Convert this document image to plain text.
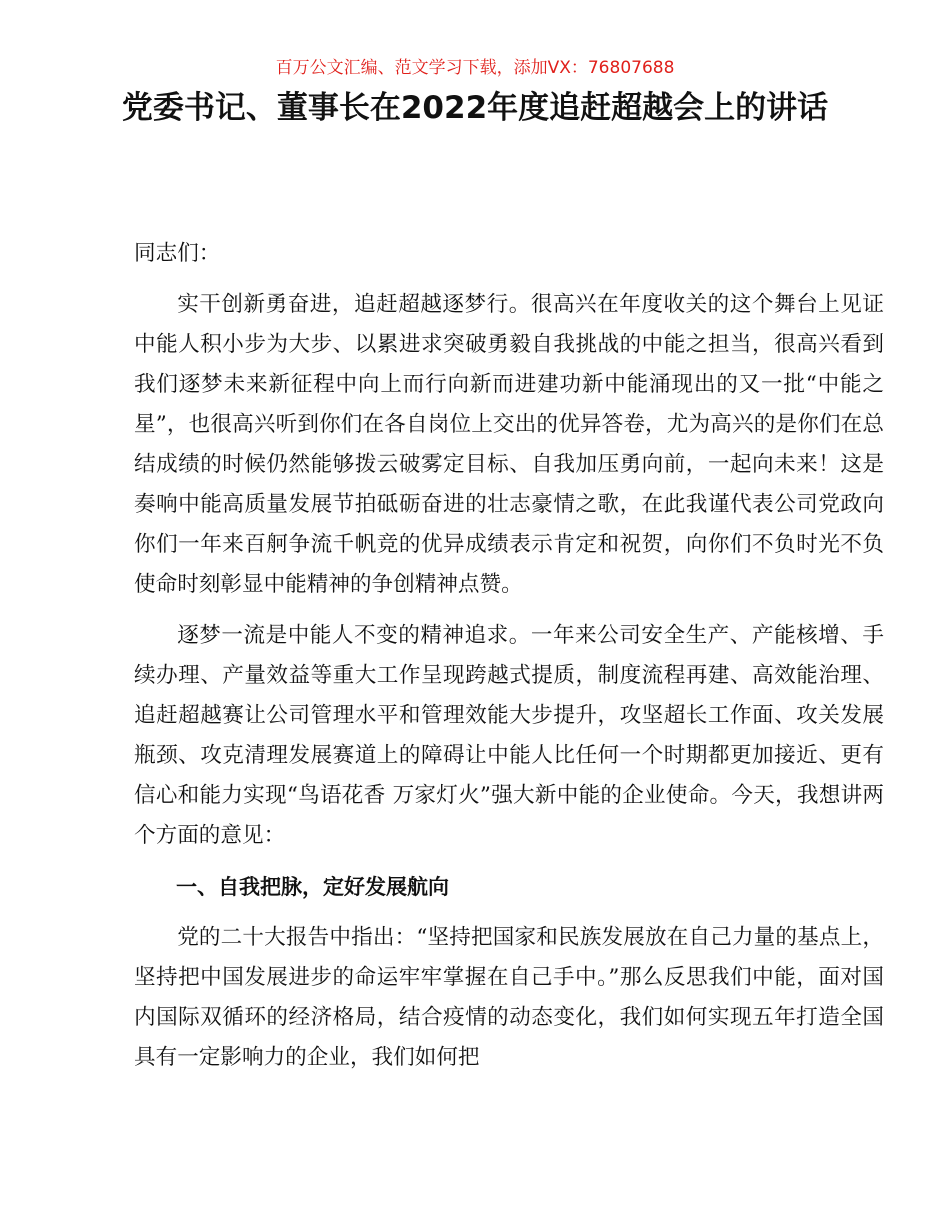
百万公文汇编、范文学习下载，添加VX：76807688
党委书记、董事长在2022年度追赶超越会上的讲话

同志们：

实干创新勇奋进，追赶超越逐梦行。很高兴在年度收关的这个舞台上见证中能人积小步为大步、以累进求突破勇毅自我挑战的中能之担当，很高兴看到我们逐梦未来新征程中向上而行向新而进建功新中能涌现出的又一批“中能之星”，也很高兴听到你们在各自岗位上交出的优异答卷，尤为高兴的是你们在总结成绩的时候仍然能够拨云破雾定目标、自我加压勇向前，一起向未来！这是奏响中能高质量发展节拍砥砺奋进的壮志豪情之歌，在此我谨代表公司党政向你们一年来百舸争流千帆竞的优异成绩表示肯定和祝贺，向你们不负时光不负使命时刻彰显中能精神的争创精神点赞。

逐梦一流是中能人不变的精神追求。一年来公司安全生产、产能核增、手续办理、产量效益等重大工作呈现跨越式提质，制度流程再建、高效能治理、追赶超越赛让公司管理水平和管理效能大步提升，攻坚超长工作面、攻关发展瓶颈、攻克清理发展赛道上的障碍让中能人比任何一个时期都更加接近、更有信心和能力实现“鸟语花香 万家灯火”强大新中能的企业使命。今天，我想讲两个方面的意见：

一、自我把脉，定好发展航向

党的二十大报告中指出：“坚持把国家和民族发展放在自己力量的基点上，坚持把中国发展进步的命运牢牢掌握在自己手中。”那么反思我们中能，面对国内国际双循环的经济格局，结合疫情的动态变化，我们如何实现五年打造全国具有一定影响力的企业，我们如何把
